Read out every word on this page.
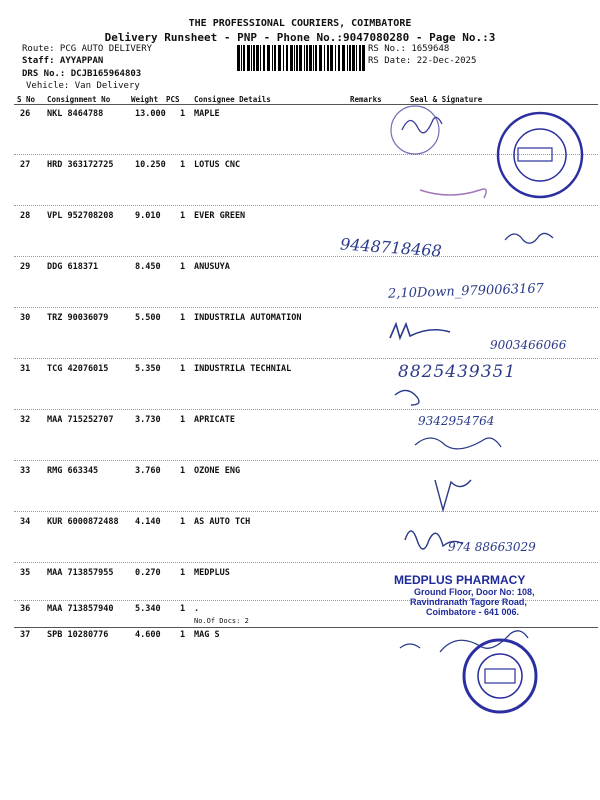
THE PROFESSIONAL COURIERS, COIMBATORE
Delivery Runsheet - PNP - Phone No.:9047080280 - Page No.:3
Route: PCG AUTO DELIVERY
Staff: AYYAPPAN
DRS No.: DCJB165964803
Vehicle: Van Delivery
RS No.: 1659648
RS Date: 22-Dec-2025
S No Consignment No	Weight PCS Consignee Details	Remarks	Seal & Signature
26 NKL 8464788	13.000 1 MAPLE
27 HRD 363172725	10.250 1 LOTUS CNC
28 VPL 952708208	9.010 1 EVER GREEN
29 DDG 618371	8.450 1 ANUSUYA
30 TRZ 90036079	5.500 1 INDUSTRILA AUTOMATION
31 TCG 42076015	5.350 1 INDUSTRILA TECHNIAL
32 MAA 715252707	3.730 1 APRICATE
33 RMG 663345	3.760 1 OZONE ENG
34 KUR 6000872488 4.140 1 AS AUTO TCH
35 MAA 713857955	0.270 1 MEDPLUS
36 MAA 713857940	5.340 1 .
No.Of Docs: 2
37 SPB 10280776	4.600 1 MAG S
9448718468
2,10Down_9790063167
9003466066
8825439351
9342954764
974 88663029
MEDPLUS PHARMACY
Ground Floor, Door No: 108,
Ravindranath Tagore Road,
Coimbatore - 641 006.
